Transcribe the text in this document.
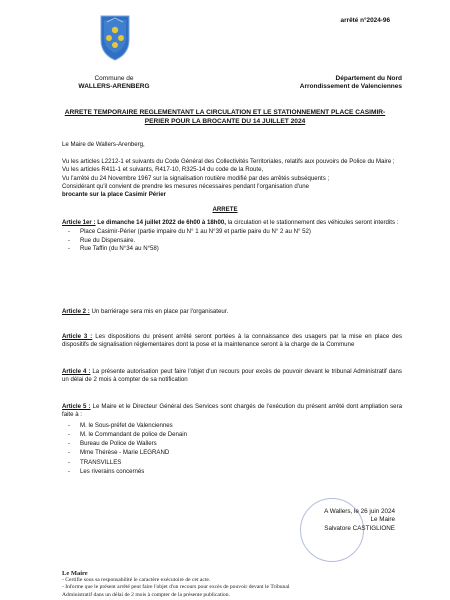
arrêté n°2024-96
Commune de
WALLERS-ARENBERG
Département du Nord
Arrondissement de Valenciennes
ARRETE TEMPORAIRE REGLEMENTANT LA CIRCULATION ET LE STATIONNEMENT PLACE CASIMIR-PERIER POUR LA BROCANTE DU 14 JUILLET 2024
Le Maire de Wallers-Arenberg,
Vu les articles L2212-1 et suivants du Code Général des Collectivités Territoriales, relatifs aux pouvoirs de Police du Maire ;
Vu les articles R411-1 et suivants, R417-10, R325-14 du code de la Route,
Vu l'arrêté du 24 Novembre 1967 sur la signalisation routière modifié par des arrêtés subséquents ;
Considérant qu'il convient de prendre les mesures nécessaires pendant l'organisation d'une
brocante sur la place Casimir Périer
ARRETE
Article 1er : Le dimanche 14 juillet 2022 de 6h00 à 18h00, la circulation et le stationnement des véhicules seront interdits :
- Place Casimir-Périer (partie impaire du N° 1 au N°39 et partie paire du N° 2 au N° 52)
- Rue du Dispensaire.
- Rue Taffin (du N°34 au N°58)
Article 2 : Un barriérage sera mis en place par l'organisateur.
Article 3 : Les dispositions du présent arrêté seront portées à la connaissance des usagers par la mise en place des dispositifs de signalisation réglementaires dont la pose et la maintenance seront à la charge de la Commune
Article 4 : La présente autorisation peut faire l'objet d'un recours pour excès de pouvoir devant le tribunal Administratif dans un délai de 2 mois à compter de sa notification
Article 5 : Le Maire et le Directeur Général des Services sont chargés de l'exécution du présent arrêté dont ampliation sera faite à :
- M. le Sous-préfet de Valenciennes
- M. le Commandant de police de Denain
- Bureau de Police de Wallers
- Mme Thérèse - Marie LEGRAND
- TRANSVILLES
- Les riverains concernés
A Wallers, le 26 juin 2024
Le Maire
Salvatore CASTIGLIONE
Le Maire
- Certifie sous sa responsabilité le caractère exécutoire de cet acte.
- Informe que le présent arrêté peut faire l'objet d'un recours pour excès de pouvoir devant le Tribunal
Administratif dans un délai de 2 mois à compter de la présente publication.
